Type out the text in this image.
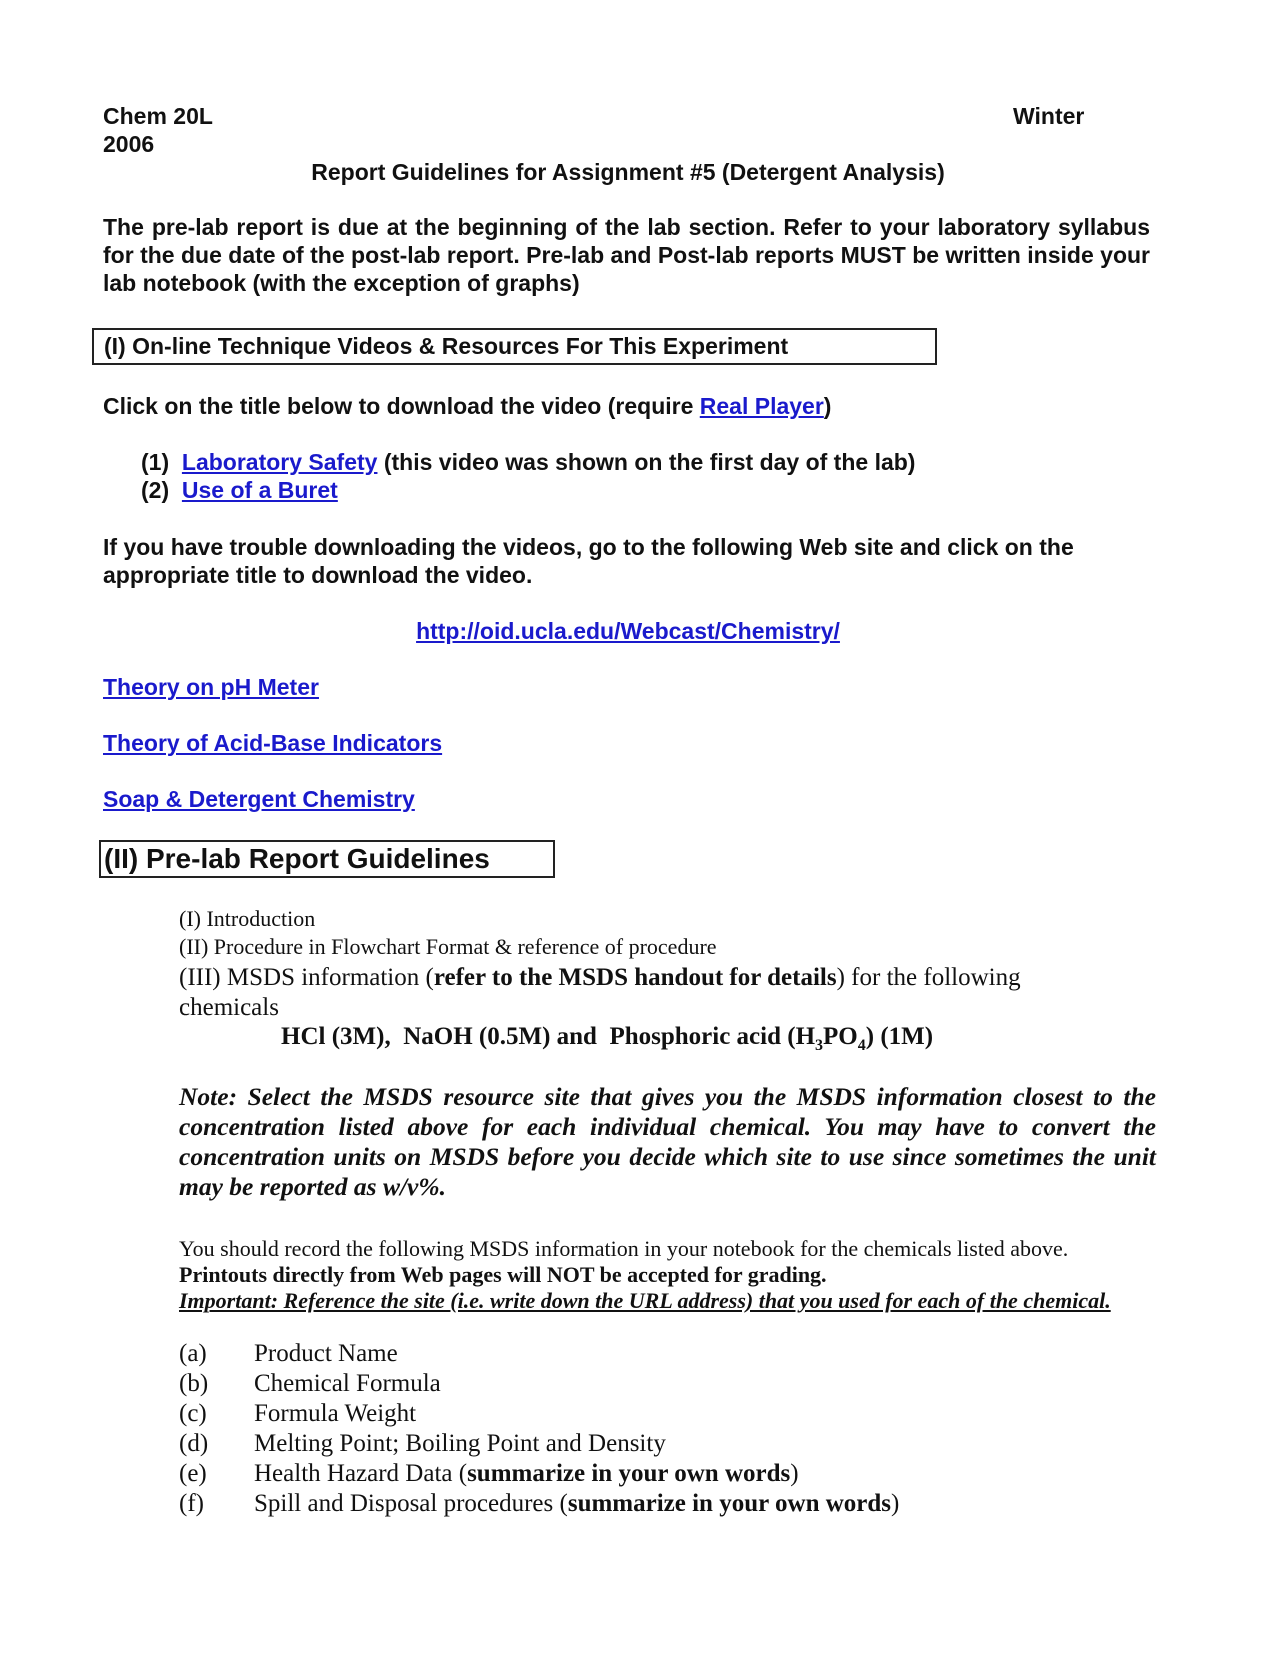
Chem 20L	Winter
2006
Report Guidelines for Assignment #5 (Detergent Analysis)
The pre-lab report is due at the beginning of the lab section. Refer to your laboratory syllabus for the due date of the post-lab report. Pre-lab and Post-lab reports MUST be written inside your lab notebook (with the exception of graphs)
(I) On-line Technique Videos & Resources For This Experiment
Click on the title below to download the video (require Real Player)
(1) Laboratory Safety (this video was shown on the first day of the lab)
(2) Use of a Buret
If you have trouble downloading the videos, go to the following Web site and click on the appropriate title to download the video.
http://oid.ucla.edu/Webcast/Chemistry/
Theory on pH Meter
Theory of Acid-Base Indicators
Soap & Detergent Chemistry
(II) Pre-lab Report Guidelines
(I) Introduction
(II) Procedure in Flowchart Format & reference of procedure
(III) MSDS information (refer to the MSDS handout for details) for the following chemicals
HCl (3M), NaOH (0.5M) and Phosphoric acid $(H_3PO_4)$ (1M)
Note: Select the MSDS resource site that gives you the MSDS information closest to the concentration listed above for each individual chemical. You may have to convert the concentration units on MSDS before you decide which site to use since sometimes the unit may be reported as w/v%.
You should record the following MSDS information in your notebook for the chemicals listed above.
Printouts directly from Web pages will NOT be accepted for grading.
Important: Reference the site (i.e. write down the URL address) that you used for each of the chemical.
(a) Product Name
(b) Chemical Formula
(c) Formula Weight
(d) Melting Point; Boiling Point and Density
(e) Health Hazard Data (summarize in your own words)
(f) Spill and Disposal procedures (summarize in your own words)
